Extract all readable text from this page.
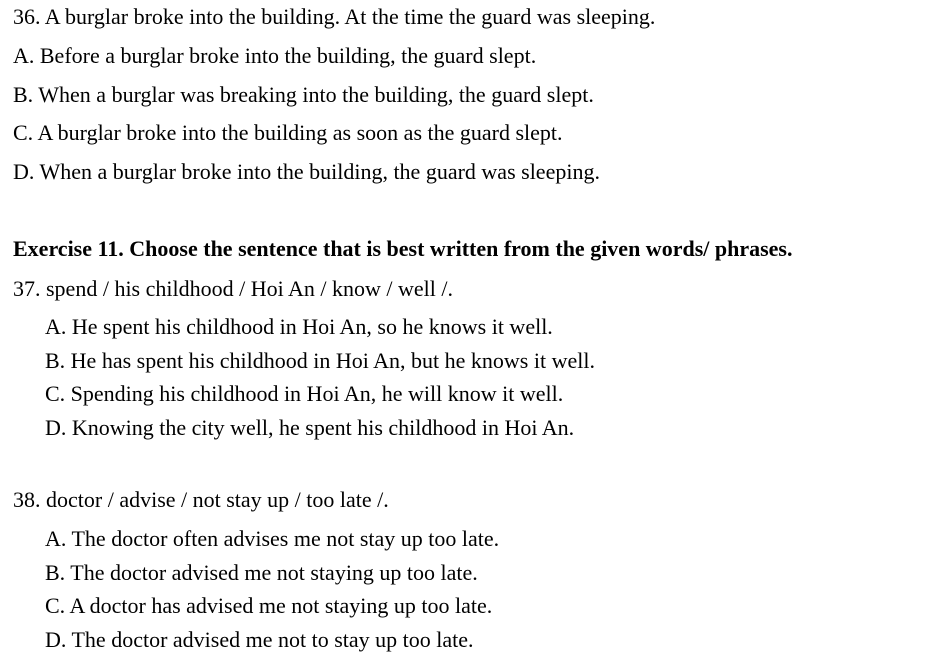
36. A burglar broke into the building. At the time the guard was sleeping.
A. Before a burglar broke into the building, the guard slept.
B. When a burglar was breaking into the building, the guard slept.
C. A burglar broke into the building as soon as the guard slept.
D. When a burglar broke into the building, the guard was sleeping.
Exercise 11. Choose the sentence that is best written from the given words/ phrases.
37. spend / his childhood / Hoi An / know / well /.
A. He spent his childhood in Hoi An, so he knows it well.
B. He has spent his childhood in Hoi An, but he knows it well.
C. Spending his childhood in Hoi An, he will know it well.
D. Knowing the city well, he spent his childhood in Hoi An.
38. doctor / advise / not stay up / too late /.
A. The doctor often advises me not stay up too late.
B. The doctor advised me not staying up too late.
C. A doctor has advised me not staying up too late.
D. The doctor advised me not to stay up too late.
